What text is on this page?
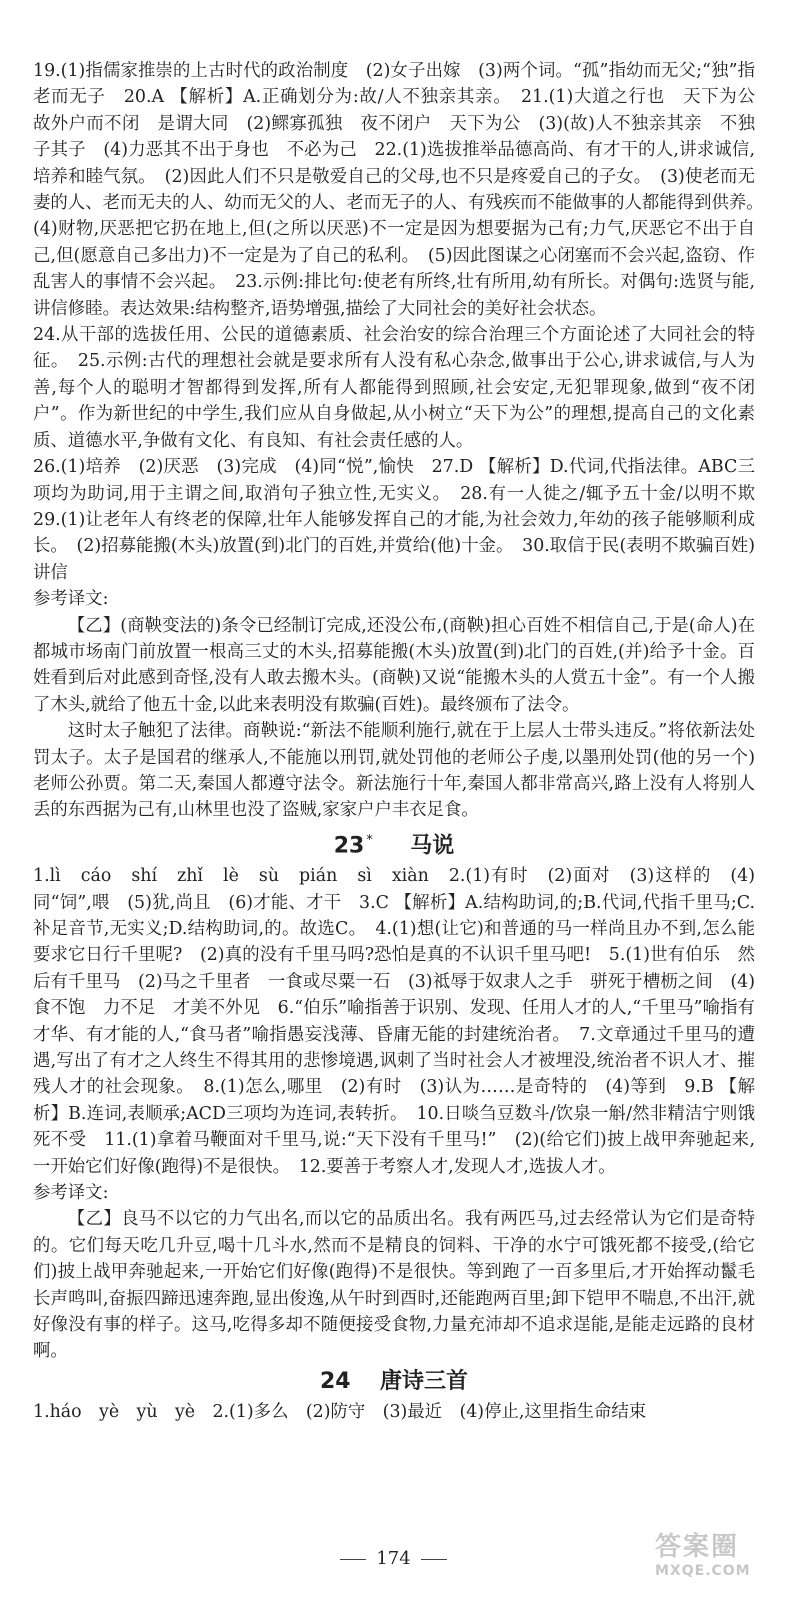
19.(1)指儒家推崇的上古时代的政治制度　(2)女子出嫁　(3)两个词。“孤”指幼而无父;“独”指老而无子　20.A 【解析】A.正确划分为:故/人不独亲其亲。　21.(1)大道之行也　天下为公　故外户而不闭　是谓大同　(2)鳏寡孤独　夜不闭户　天下为公　(3)(故)人不独亲其亲　不独子其子　(4)力恶其不出于身也　不必为己　22.(1)选拔推举品德高尚、有才干的人,讲求诚信,培养和睦气氛。　(2)因此人们不只是敬爱自己的父母,也不只是疼爱自己的子女。　(3)使老而无妻的人、老而无夫的人、幼而无父的人、老而无子的人、有残疾而不能做事的人都能得到供养。　(4)财物,厌恶把它扔在地上,但(之所以厌恶)不一定是因为想要据为己有;力气,厌恶它不出于自己,但(愿意自己多出力)不一定是为了自己的私利。　(5)因此图谋之心闭塞而不会兴起,盗窃、作乱害人的事情不会兴起。　23.示例:排比句:使老有所终,壮有所用,幼有所长。对偶句:选贤与能,讲信修睦。表达效果:结构整齐,语势增强,描绘了大同社会的美好社会状态。

24.从干部的选拔任用、公民的道德素质、社会治安的综合治理三个方面论述了大同社会的特征。　25.示例:古代的理想社会就是要求所有人没有私心杂念,做事出于公心,讲求诚信,与人为善,每个人的聪明才智都得到发挥,所有人都能得到照顾,社会安定,无犯罪现象,做到“夜不闭户”。作为新世纪的中学生,我们应从自身做起,从小树立“天下为公”的理想,提高自己的文化素质、道德水平,争做有文化、有良知、有社会责任感的人。

26.(1)培养　(2)厌恶　(3)完成　(4)同“悦”,愉快　27.D 【解析】D.代词,代指法律。ABC三项均为助词,用于主谓之间,取消句子独立性,无实义。　28.有一人徙之/辄予五十金/以明不欺　29.(1)让老年人有终老的保障,壮年人能够发挥自己的才能,为社会效力,年幼的孩子能够顺利成长。　(2)招募能搬(木头)放置(到)北门的百姓,并赏给(他)十金。　30.取信于民(表明不欺骗百姓)　讲信

参考译文:

【乙】(商鞅变法的)条令已经制订完成,还没公布,(商鞅)担心百姓不相信自己,于是(命人)在都城市场南门前放置一根高三丈的木头,招募能搬(木头)放置(到)北门的百姓,(并)给予十金。百姓看到后对此感到奇怪,没有人敢去搬木头。(商鞅)又说“能搬木头的人赏五十金”。有一个人搬了木头,就给了他五十金,以此来表明没有欺骗(百姓)。最终颁布了法令。

这时太子触犯了法律。商鞅说:“新法不能顺利施行,就在于上层人士带头违反。”将依新法处罚太子。太子是国君的继承人,不能施以刑罚,就处罚他的老师公子虔,以墨刑处罚(他的另一个)老师公孙贾。第二天,秦国人都遵守法令。新法施行十年,秦国人都非常高兴,路上没有人将别人丢的东西据为己有,山林里也没了盗贼,家家户户丰衣足食。

23 * 马说

1.lì　cáo　shí　zhǐ　lè　sù　pián　sì　xiàn　2.(1)有时　(2)面对　(3)这样的　(4)同“饲”,喂　(5)犹,尚且　(6)才能、才干　3.C 【解析】A.结构助词,的;B.代词,代指千里马;C.补足音节,无实义;D.结构助词,的。故选C。　4.(1)想(让它)和普通的马一样尚且办不到,怎么能要求它日行千里呢?　(2)真的没有千里马吗?恐怕是真的不认识千里马吧!　5.(1)世有伯乐　然后有千里马　(2)马之千里者　一食或尽粟一石　(3)祗辱于奴隶人之手　骈死于槽枥之间　(4)食不饱　力不足　才美不外见　6.“伯乐”喻指善于识别、发现、任用人才的人,“千里马”喻指有才华、有才能的人,“食马者”喻指愚妄浅薄、昏庸无能的封建统治者。　7.文章通过千里马的遭遇,写出了有才之人终生不得其用的悲惨境遇,讽刺了当时社会人才被埋没,统治者不识人才、摧残人才的社会现象。　8.(1)怎么,哪里　(2)有时　(3)认为……是奇特的　(4)等到　9.B 【解析】B.连词,表顺承;ACD三项均为连词,表转折。　10.日啖刍豆数斗/饮泉一斛/然非精洁宁则饿死不受　11.(1)拿着马鞭面对千里马,说:“天下没有千里马!”　(2)(给它们)披上战甲奔驰起来,一开始它们好像(跑得)不是很快。　12.要善于考察人才,发现人才,选拔人才。

参考译文:

【乙】良马不以它的力气出名,而以它的品质出名。我有两匹马,过去经常认为它们是奇特的。它们每天吃几升豆,喝十几斗水,然而不是精良的饲料、干净的水宁可饿死都不接受,(给它们)披上战甲奔驰起来,一开始它们好像(跑得)不是很快。等到跑了一百多里后,才开始挥动鬣毛长声鸣叫,奋振四蹄迅速奔跑,显出俊逸,从午时到酉时,还能跑两百里;卸下铠甲不喘息,不出汗,就好像没有事的样子。这马,吃得多却不随便接受食物,力量充沛却不追求逞能,是能走远路的良材啊。

24 唐诗三首

1.háo　yè　yù　yè　2.(1)多么　(2)防守　(3)最近　(4)停止,这里指生命结束

174	答案圈
MXQE.COM
